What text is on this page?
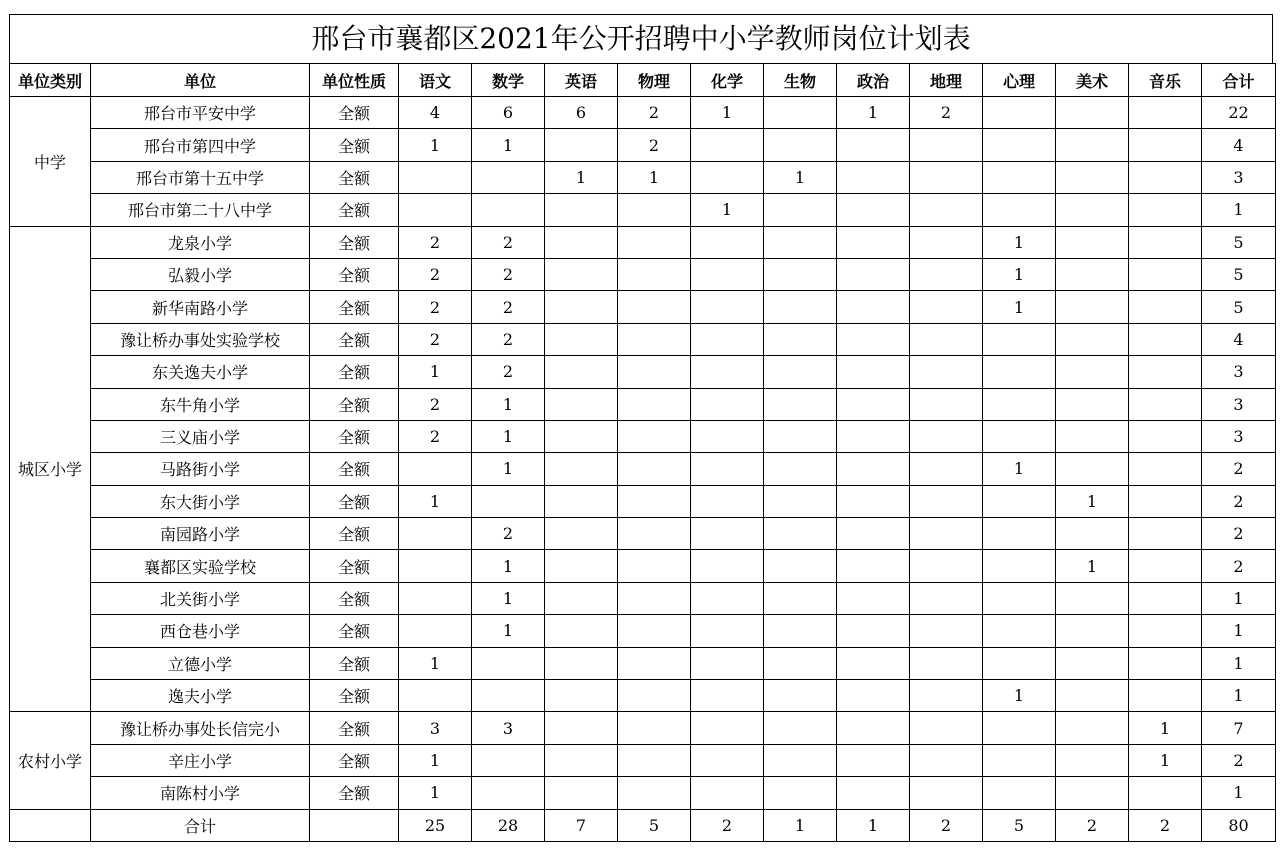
邢台市襄都区2021年公开招聘中小学教师岗位计划表
单位类别	单位	单位性质	语文	数学	英语	物理	化学	生物	政治	地理	心理	美术	音乐	合计
中学	邢台市平安中学	全额	4	6	6	2	1		1	2				22
	邢台市第四中学	全额	1	1		2								4
	邢台市第十五中学	全额			1	1		1						3
	邢台市第二十八中学	全额					1							1
城区小学	龙泉小学	全额	2	2							1			5
	弘毅小学	全额	2	2							1			5
	新华南路小学	全额	2	2							1			5
	豫让桥办事处实验学校	全额	2	2										4
	东关逸夫小学	全额	1	2										3
	东牛角小学	全额	2	1										3
	三义庙小学	全额	2	1										3
	马路街小学	全额		1							1			2
	东大街小学	全额	1									1		2
	南园路小学	全额		2										2
	襄都区实验学校	全额		1								1		2
	北关街小学	全额		1										1
	西仓巷小学	全额		1										1
	立德小学	全额	1											1
	逸夫小学	全额									1			1
农村小学	豫让桥办事处长信完小	全额	3	3									1	7
	辛庄小学	全额	1										1	2
	南陈村小学	全额	1											1
	合计		25	28	7	5	2	1	1	2	5	2	2	80
